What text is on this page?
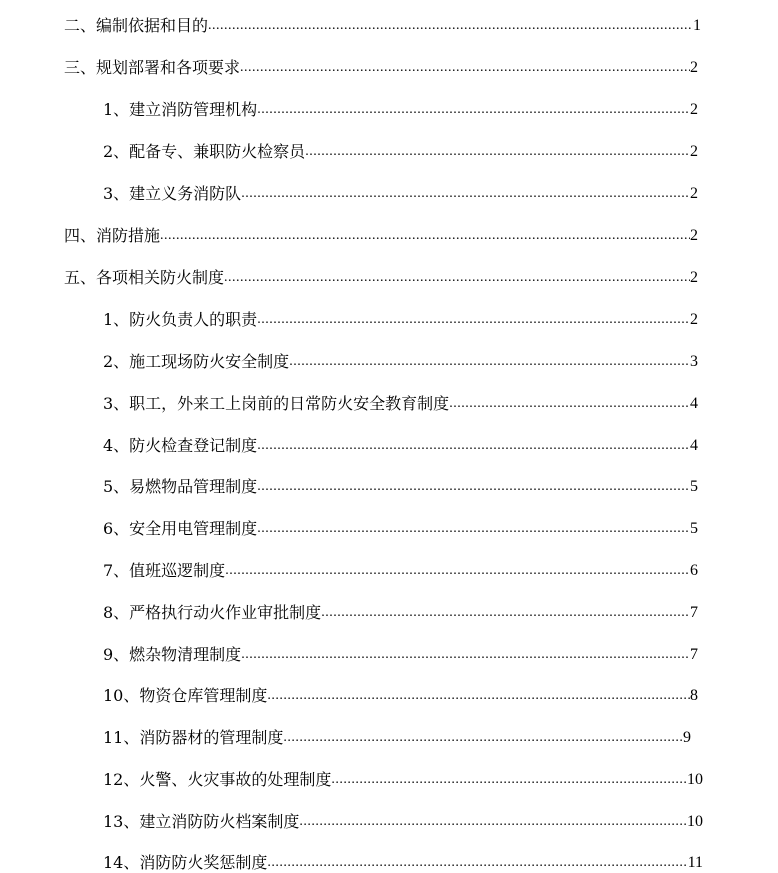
二、编制依据和目的 .....	1
三、规划部署和各项要求 .....	2
1、建立消防管理机构 .....	2
2、配备专、兼职防火检察员 .....	2
3、建立义务消防队 .....	2
四、消防措施 .....	2
五、各项相关防火制度 .....	2
1、防火负责人的职责 .....	2
2、施工现场防火安全制度 .....	3
3、职工，外来工上岗前的日常防火安全教育制度 .....	4
4、防火检查登记制度 .....	4
5、易燃物品管理制度 .....	5
6、安全用电管理制度 .....	5
7、值班巡逻制度 .....	6
8、严格执行动火作业审批制度 .....	7
9、燃杂物清理制度 .....	7
10、物资仓库管理制度 .....	8
11、消防器材的管理制度 .....	9
12、火警、火灾事故的处理制度 .....	10
13、建立消防防火档案制度 .....	10
14、消防防火奖惩制度 .....	11
